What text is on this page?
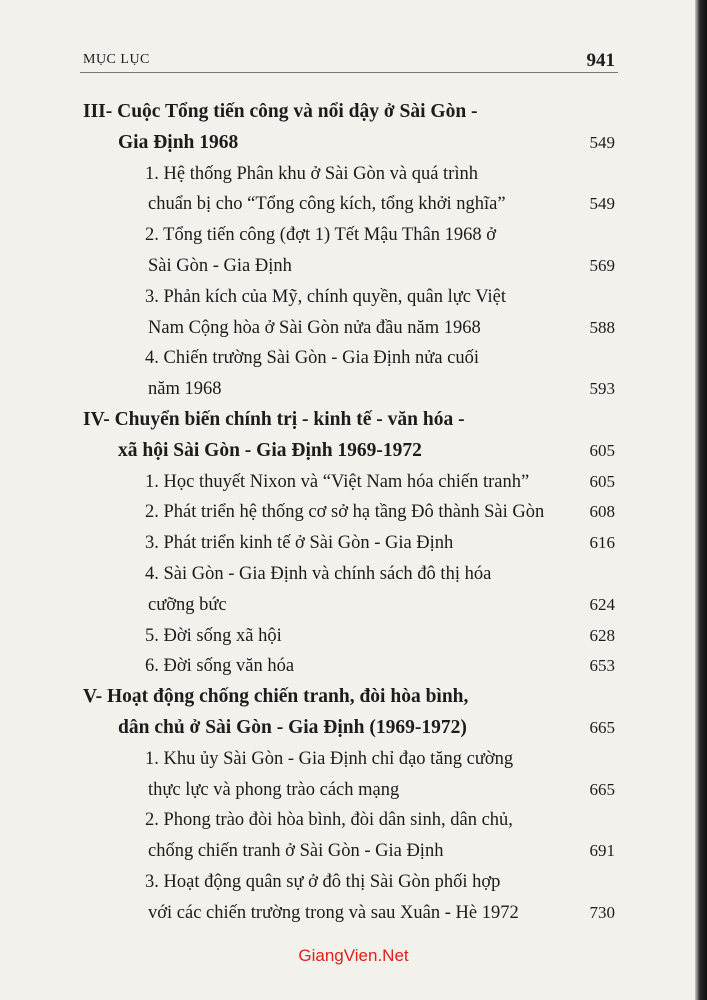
MỤC LỤC	941
III- Cuộc Tổng tiến công và nổi dậy ở Sài Gòn -
Gia Định 1968	549
1. Hệ thống Phân khu ở Sài Gòn và quá trình
chuẩn bị cho “Tổng công kích, tổng khởi nghĩa”	549
2. Tổng tiến công (đợt 1) Tết Mậu Thân 1968 ở
Sài Gòn - Gia Định	569
3. Phản kích của Mỹ, chính quyền, quân lực Việt
Nam Cộng hòa ở Sài Gòn nửa đầu năm 1968	588
4. Chiến trường Sài Gòn - Gia Định nửa cuối
năm 1968	593
IV- Chuyển biến chính trị - kinh tế - văn hóa -
xã hội Sài Gòn - Gia Định 1969-1972	605
1. Học thuyết Nixon và “Việt Nam hóa chiến tranh”	605
2. Phát triển hệ thống cơ sở hạ tầng Đô thành Sài Gòn	608
3. Phát triển kinh tế ở Sài Gòn - Gia Định	616
4. Sài Gòn - Gia Định và chính sách đô thị hóa
cưỡng bức	624
5. Đời sống xã hội	628
6. Đời sống văn hóa	653
V- Hoạt động chống chiến tranh, đòi hòa bình,
dân chủ ở Sài Gòn - Gia Định (1969-1972)	665
1. Khu ủy Sài Gòn - Gia Định chỉ đạo tăng cường
thực lực và phong trào cách mạng	665
2. Phong trào đòi hòa bình, đòi dân sinh, dân chủ,
chống chiến tranh ở Sài Gòn - Gia Định	691
3. Hoạt động quân sự ở đô thị Sài Gòn phối hợp
với các chiến trường trong và sau Xuân - Hè 1972	730
GiangVien.Net
